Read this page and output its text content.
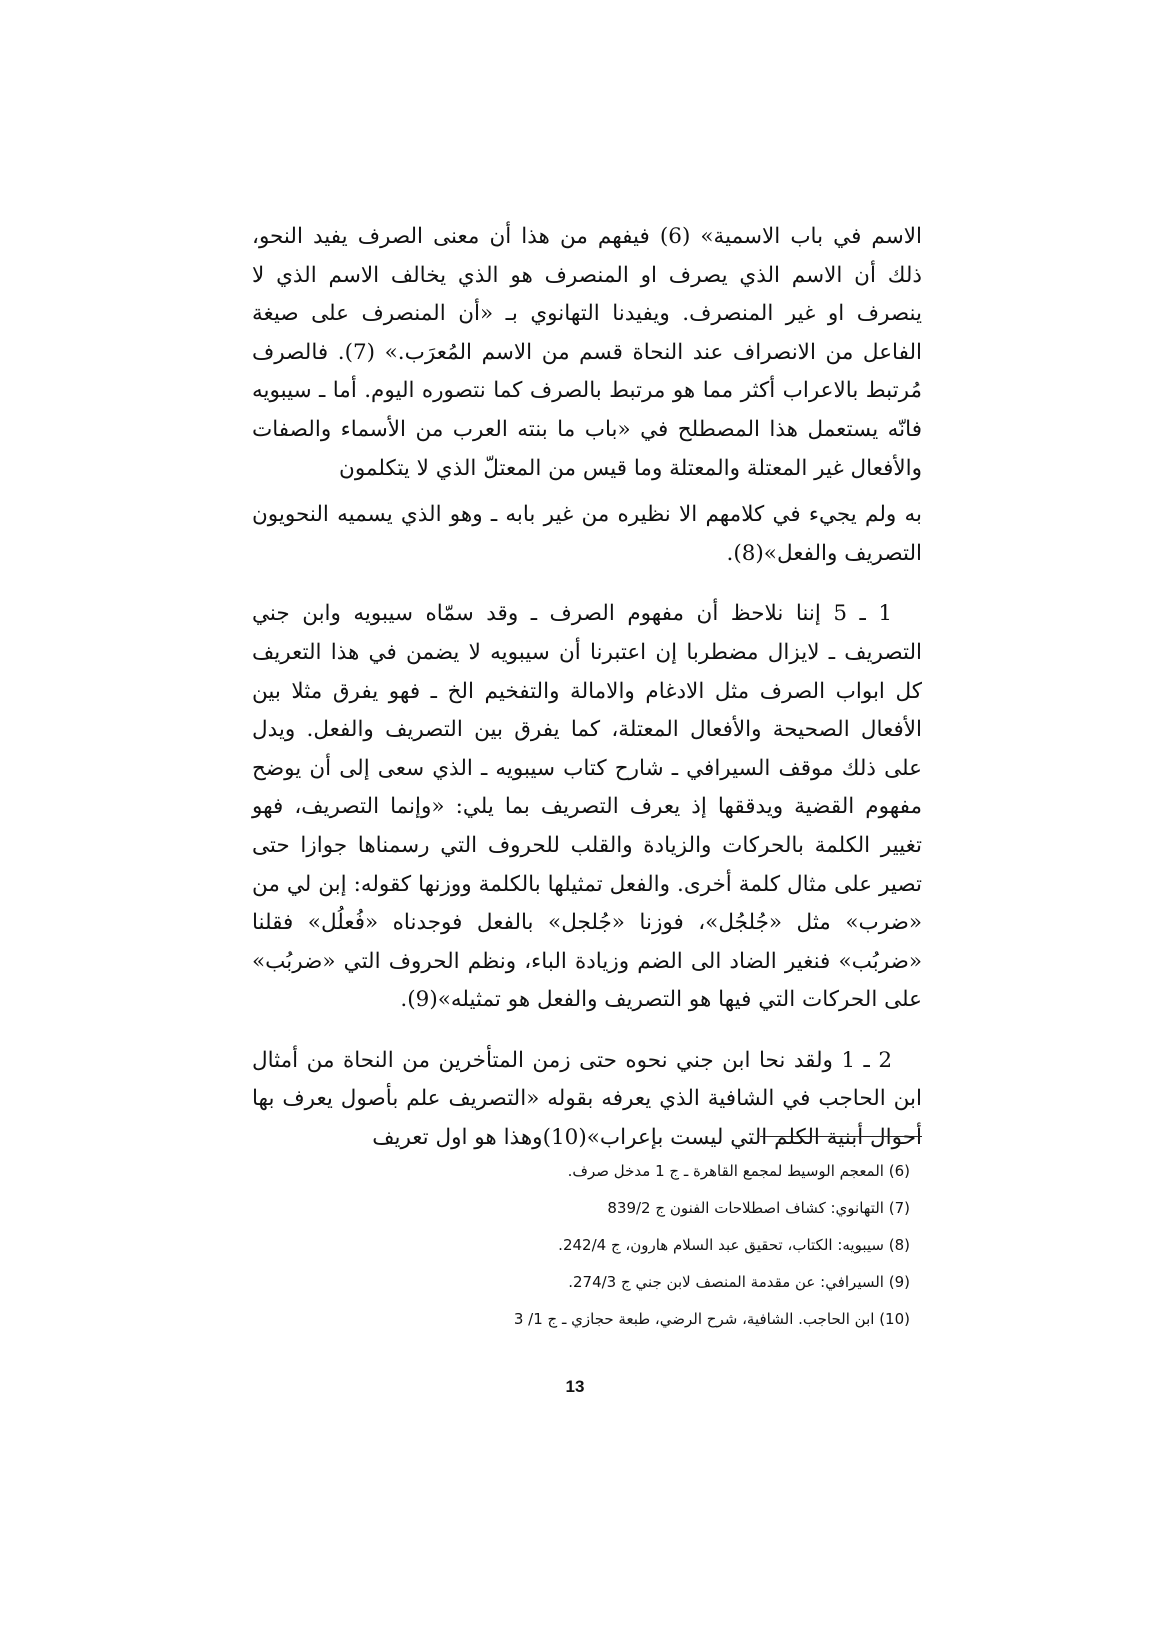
الاسم في باب الاسمية» (6) فيفهم من هذا أن معنى الصرف يفيد النحو، ذلك أن الاسم الذي يصرف او المنصرف هو الذي يخالف الاسم الذي لا ينصرف او غير المنصرف. ويفيدنا التهانوي بـ «أن المنصرف على صيغة الفاعل من الانصراف عند النحاة قسم من الاسم المُعرَب.» (7). فالصرف مُرتبط بالاعراب أكثر مما هو مرتبط بالصرف كما نتصوره اليوم. أما ـ سيبويه فانّه يستعمل هذا المصطلح في «باب ما بنته العرب من الأسماء والصفات والأفعال غير المعتلة والمعتلة وما قيس من المعتلّ الذي لا يتكلمون

به ولم يجيء في كلامهم الا نظيره من غير بابه ـ وهو الذي يسميه النحويون التصريف والفعل»(8).

1 ـ 5 إننا نلاحظ أن مفهوم الصرف ـ وقد سمّاه سيبويه وابن جني التصريف ـ لايزال مضطربا إن اعتبرنا أن سيبويه لا يضمن في هذا التعريف كل ابواب الصرف مثل الادغام والامالة والتفخيم الخ ـ فهو يفرق مثلا بين الأفعال الصحيحة والأفعال المعتلة، كما يفرق بين التصريف والفعل. ويدل على ذلك موقف السيرافي ـ شارح كتاب سيبويه ـ الذي سعى إلى أن يوضح مفهوم القضية ويدققها إذ يعرف التصريف بما يلي: «وإنما التصريف، فهو تغيير الكلمة بالحركات والزيادة والقلب للحروف التي رسمناها جوازا حتى تصير على مثال كلمة أخرى. والفعل تمثيلها بالكلمة ووزنها كقوله: إبن لي من «ضرب» مثل «جُلجُل»، فوزنا «جُلجل» بالفعل فوجدناه «فُعلُل» فقلنا «ضربُب» فنغير الضاد الى الضم وزيادة الباء، ونظم الحروف التي «ضربُب» على الحركات التي فيها هو التصريف والفعل هو تمثيله»(9).

2 ـ 1 ولقد نحا ابن جني نحوه حتى زمن المتأخرين من النحاة من أمثال ابن الحاجب في الشافية الذي يعرفه بقوله «التصريف علم بأصول يعرف بها أحوال أبنية الكلم التي ليست بإعراب»(10)وهذا هو اول تعريف

(6) المعجم الوسيط لمجمع القاهرة ـ ج 1 مدخل صرف.

(7) التهانوي: كشاف اصطلاحات الفنون ج 839/2

(8) سيبويه: الكتاب، تحقيق عبد السلام هارون، ج 242/4.

(9) السيرافي: عن مقدمة المنصف لابن جني ج 274/3.

(10) ابن الحاجب. الشافية، شرح الرضي، طبعة حجازي ـ ج 1/ 3

13
